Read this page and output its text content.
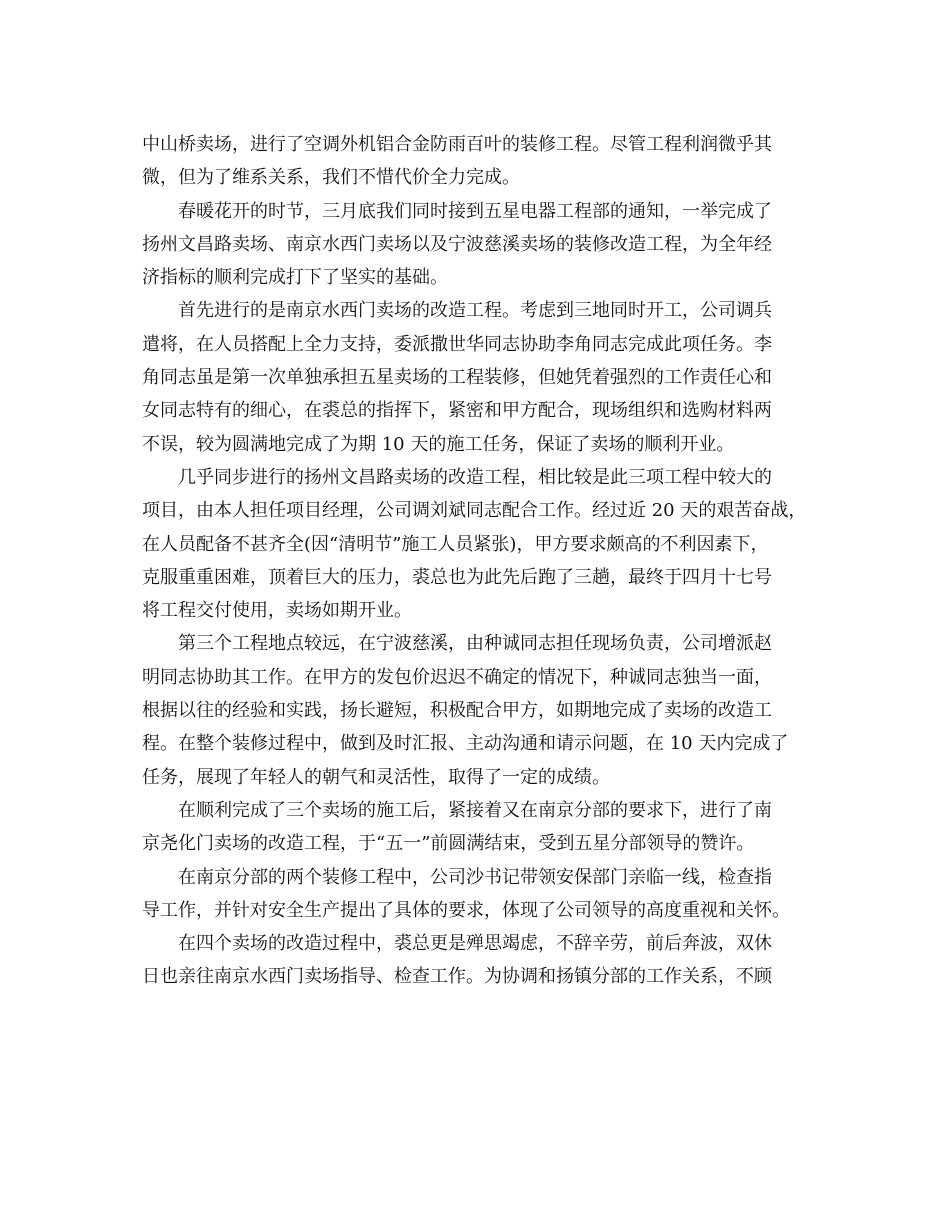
中山桥卖场，进行了空调外机铝合金防雨百叶的装修工程。尽管工程利润微乎其
微，但为了维系关系，我们不惜代价全力完成。
春暖花开的时节，三月底我们同时接到五星电器工程部的通知，一举完成了
扬州文昌路卖场、南京水西门卖场以及宁波慈溪卖场的装修改造工程，为全年经
济指标的顺利完成打下了坚实的基础。
首先进行的是南京水西门卖场的改造工程。考虑到三地同时开工，公司调兵
遣将，在人员搭配上全力支持，委派撒世华同志协助李角同志完成此项任务。李
角同志虽是第一次单独承担五星卖场的工程装修，但她凭着强烈的工作责任心和
女同志特有的细心，在裘总的指挥下，紧密和甲方配合，现场组织和选购材料两
不误，较为圆满地完成了为期 10 天的施工任务，保证了卖场的顺利开业。
几乎同步进行的扬州文昌路卖场的改造工程，相比较是此三项工程中较大的
项目，由本人担任项目经理，公司调刘斌同志配合工作。经过近 20 天的艰苦奋战，
在人员配备不甚齐全(因“清明节”施工人员紧张)，甲方要求颇高的不利因素下，
克服重重困难，顶着巨大的压力，裘总也为此先后跑了三趟，最终于四月十七号
将工程交付使用，卖场如期开业。
第三个工程地点较远，在宁波慈溪，由种诚同志担任现场负责，公司增派赵
明同志协助其工作。在甲方的发包价迟迟不确定的情况下，种诚同志独当一面，
根据以往的经验和实践，扬长避短，积极配合甲方，如期地完成了卖场的改造工
程。在整个装修过程中，做到及时汇报、主动沟通和请示问题，在 10 天内完成了
任务，展现了年轻人的朝气和灵活性，取得了一定的成绩。
在顺利完成了三个卖场的施工后，紧接着又在南京分部的要求下，进行了南
京尧化门卖场的改造工程，于“五一”前圆满结束，受到五星分部领导的赞许。
在南京分部的两个装修工程中，公司沙书记带领安保部门亲临一线，检查指
导工作，并针对安全生产提出了具体的要求，体现了公司领导的高度重视和关怀。
在四个卖场的改造过程中，裘总更是殚思竭虑，不辞辛劳，前后奔波，双休
日也亲往南京水西门卖场指导、检查工作。为协调和扬镇分部的工作关系，不顾
